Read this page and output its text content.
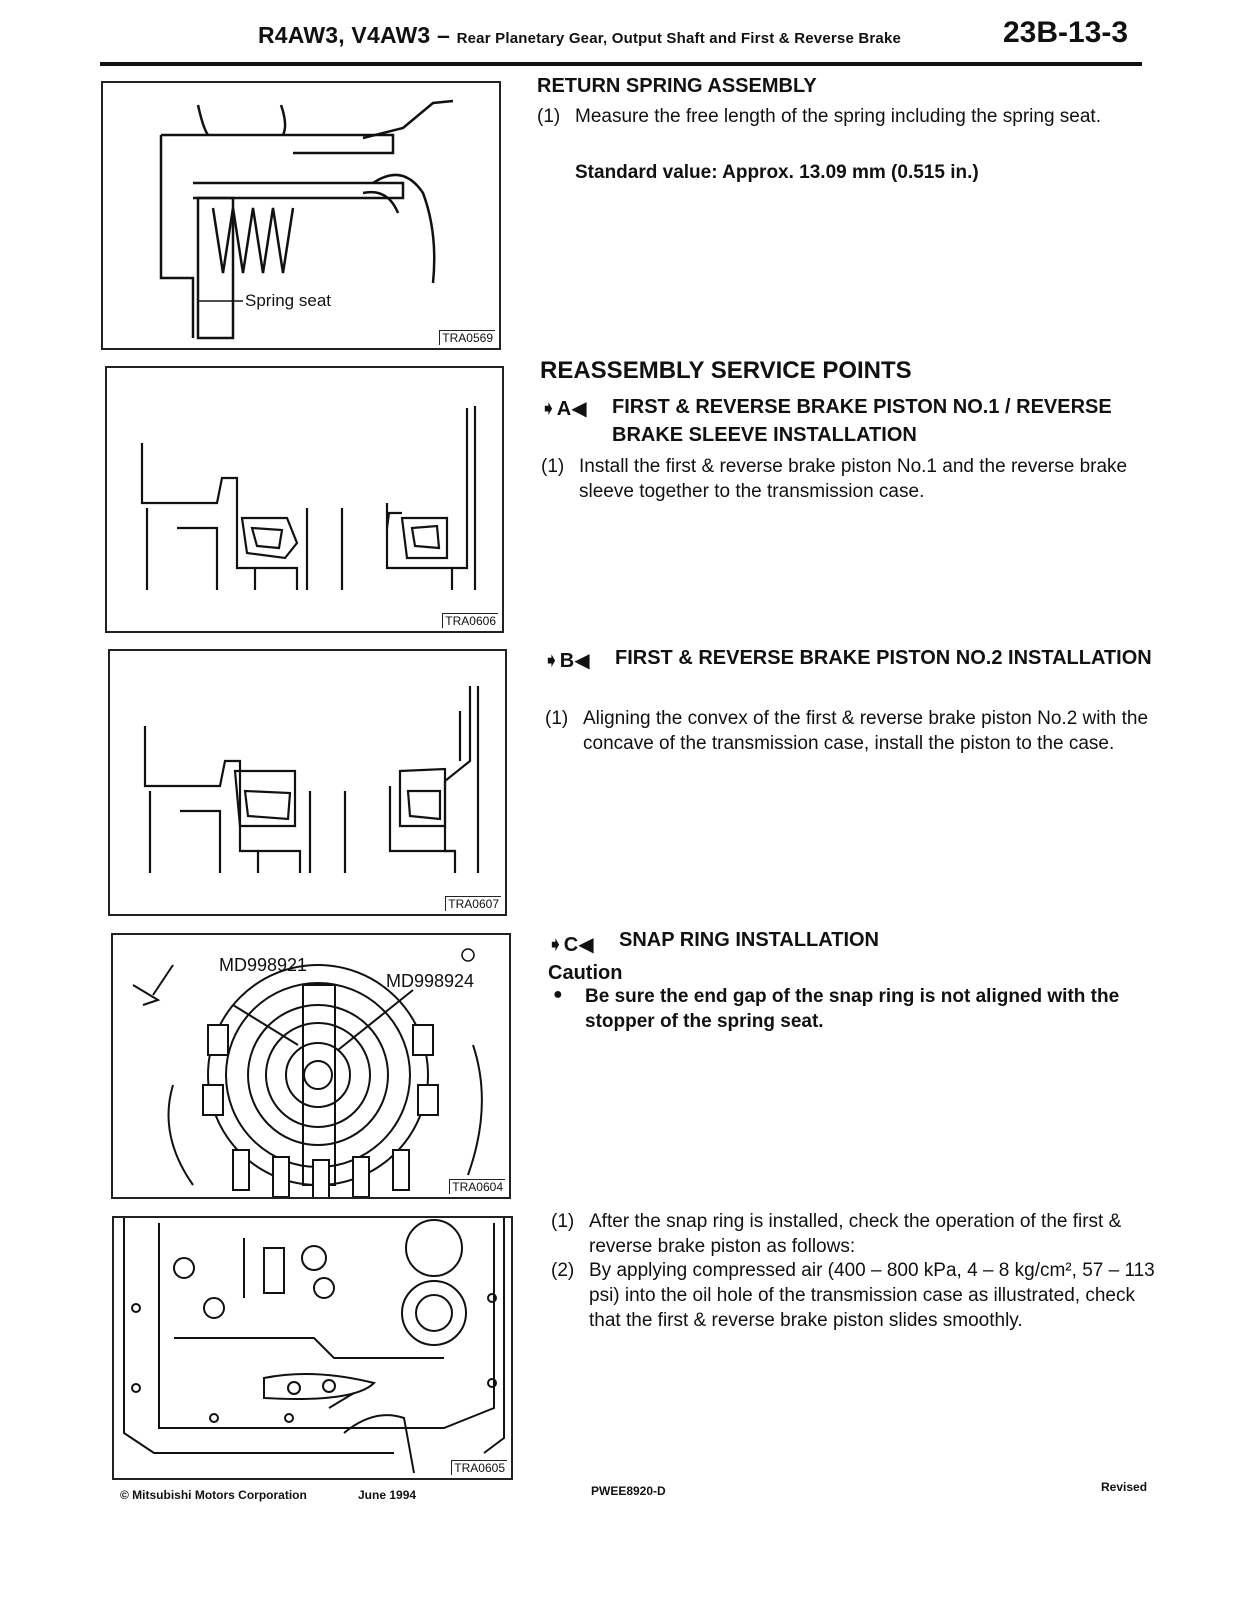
R4AW3, V4AW3 – Rear Planetary Gear, Output Shaft and First & Reverse Brake	23B-13-3
Spring seat
TRA0569
TRA0606
TRA0607
MD998921
MD998924
TRA0604
TRA0605
RETURN SPRING ASSEMBLY
(1) Measure the free length of the spring including the spring seat.
Standard value: Approx. 13.09 mm (0.515 in.)
REASSEMBLY SERVICE POINTS
➧A◀ FIRST & REVERSE BRAKE PISTON NO.1 / REVERSE BRAKE SLEEVE INSTALLATION
(1) Install the first & reverse brake piston No.1 and the reverse brake sleeve together to the transmission case.
➧B◀ FIRST & REVERSE BRAKE PISTON NO.2 INSTALLATION
(1) Aligning the convex of the first & reverse brake piston No.2 with the concave of the transmission case, install the piston to the case.
➧C◀ SNAP RING INSTALLATION
Caution
● Be sure the end gap of the snap ring is not aligned with the stopper of the spring seat.
(1) After the snap ring is installed, check the operation of the first & reverse brake piston as follows:
(2) By applying compressed air (400 – 800 kPa, 4 – 8 kg/cm², 57 – 113 psi) into the oil hole of the transmission case as illustrated, check that the first & reverse brake piston slides smoothly.
© Mitsubishi Motors Corporation	June 1994	PWEE8920-D	Revised
